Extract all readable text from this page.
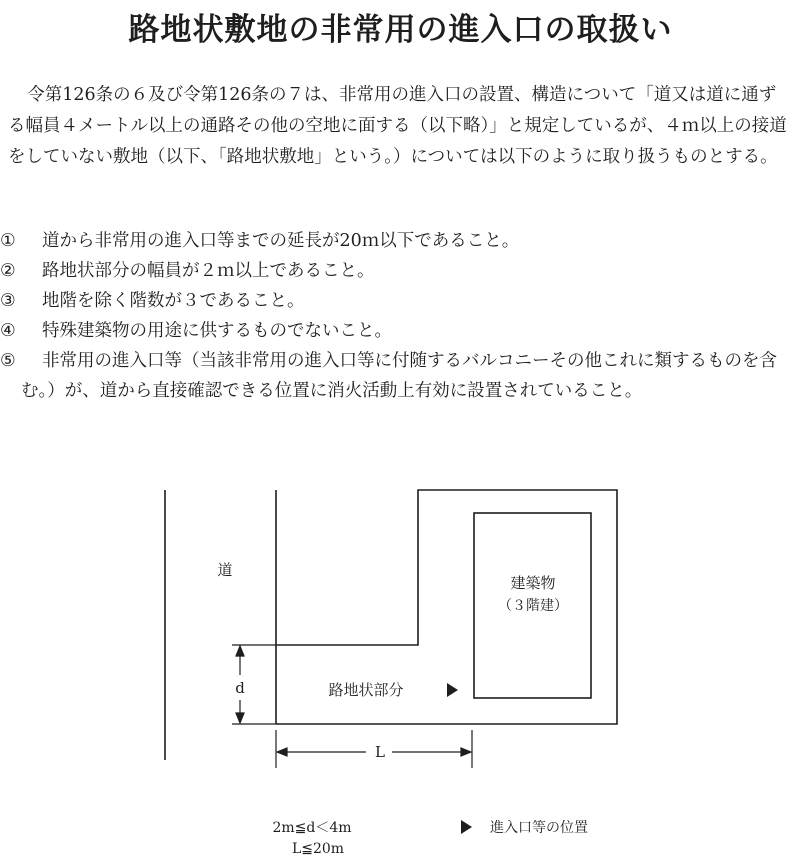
路地状敷地の非常用の進入口の取扱い

令第126条の６及び令第126条の７は、非常用の進入口の設置、構造について「道又は道に通ずる幅員４メートル以上の通路その他の空地に面する（以下略）」と規定しているが、４ｍ以上の接道をしていない敷地（以下、「路地状敷地」という。）については以下のように取り扱うものとする。

① 道から非常用の進入口等までの延長が20ｍ以下であること。
② 路地状部分の幅員が２ｍ以上であること。
③ 地階を除く階数が３であること。
④ 特殊建築物の用途に供するものでないこと。
⑤ 非常用の進入口等（当該非常用の進入口等に付随するバルコニーその他これに類するものを含む。）が、道から直接確認できる位置に消火活動上有効に設置されていること。
道
建築物
（３階建）
路地状部分
d
L
2m≦d＜4m
L≦20m
進入口等の位置
